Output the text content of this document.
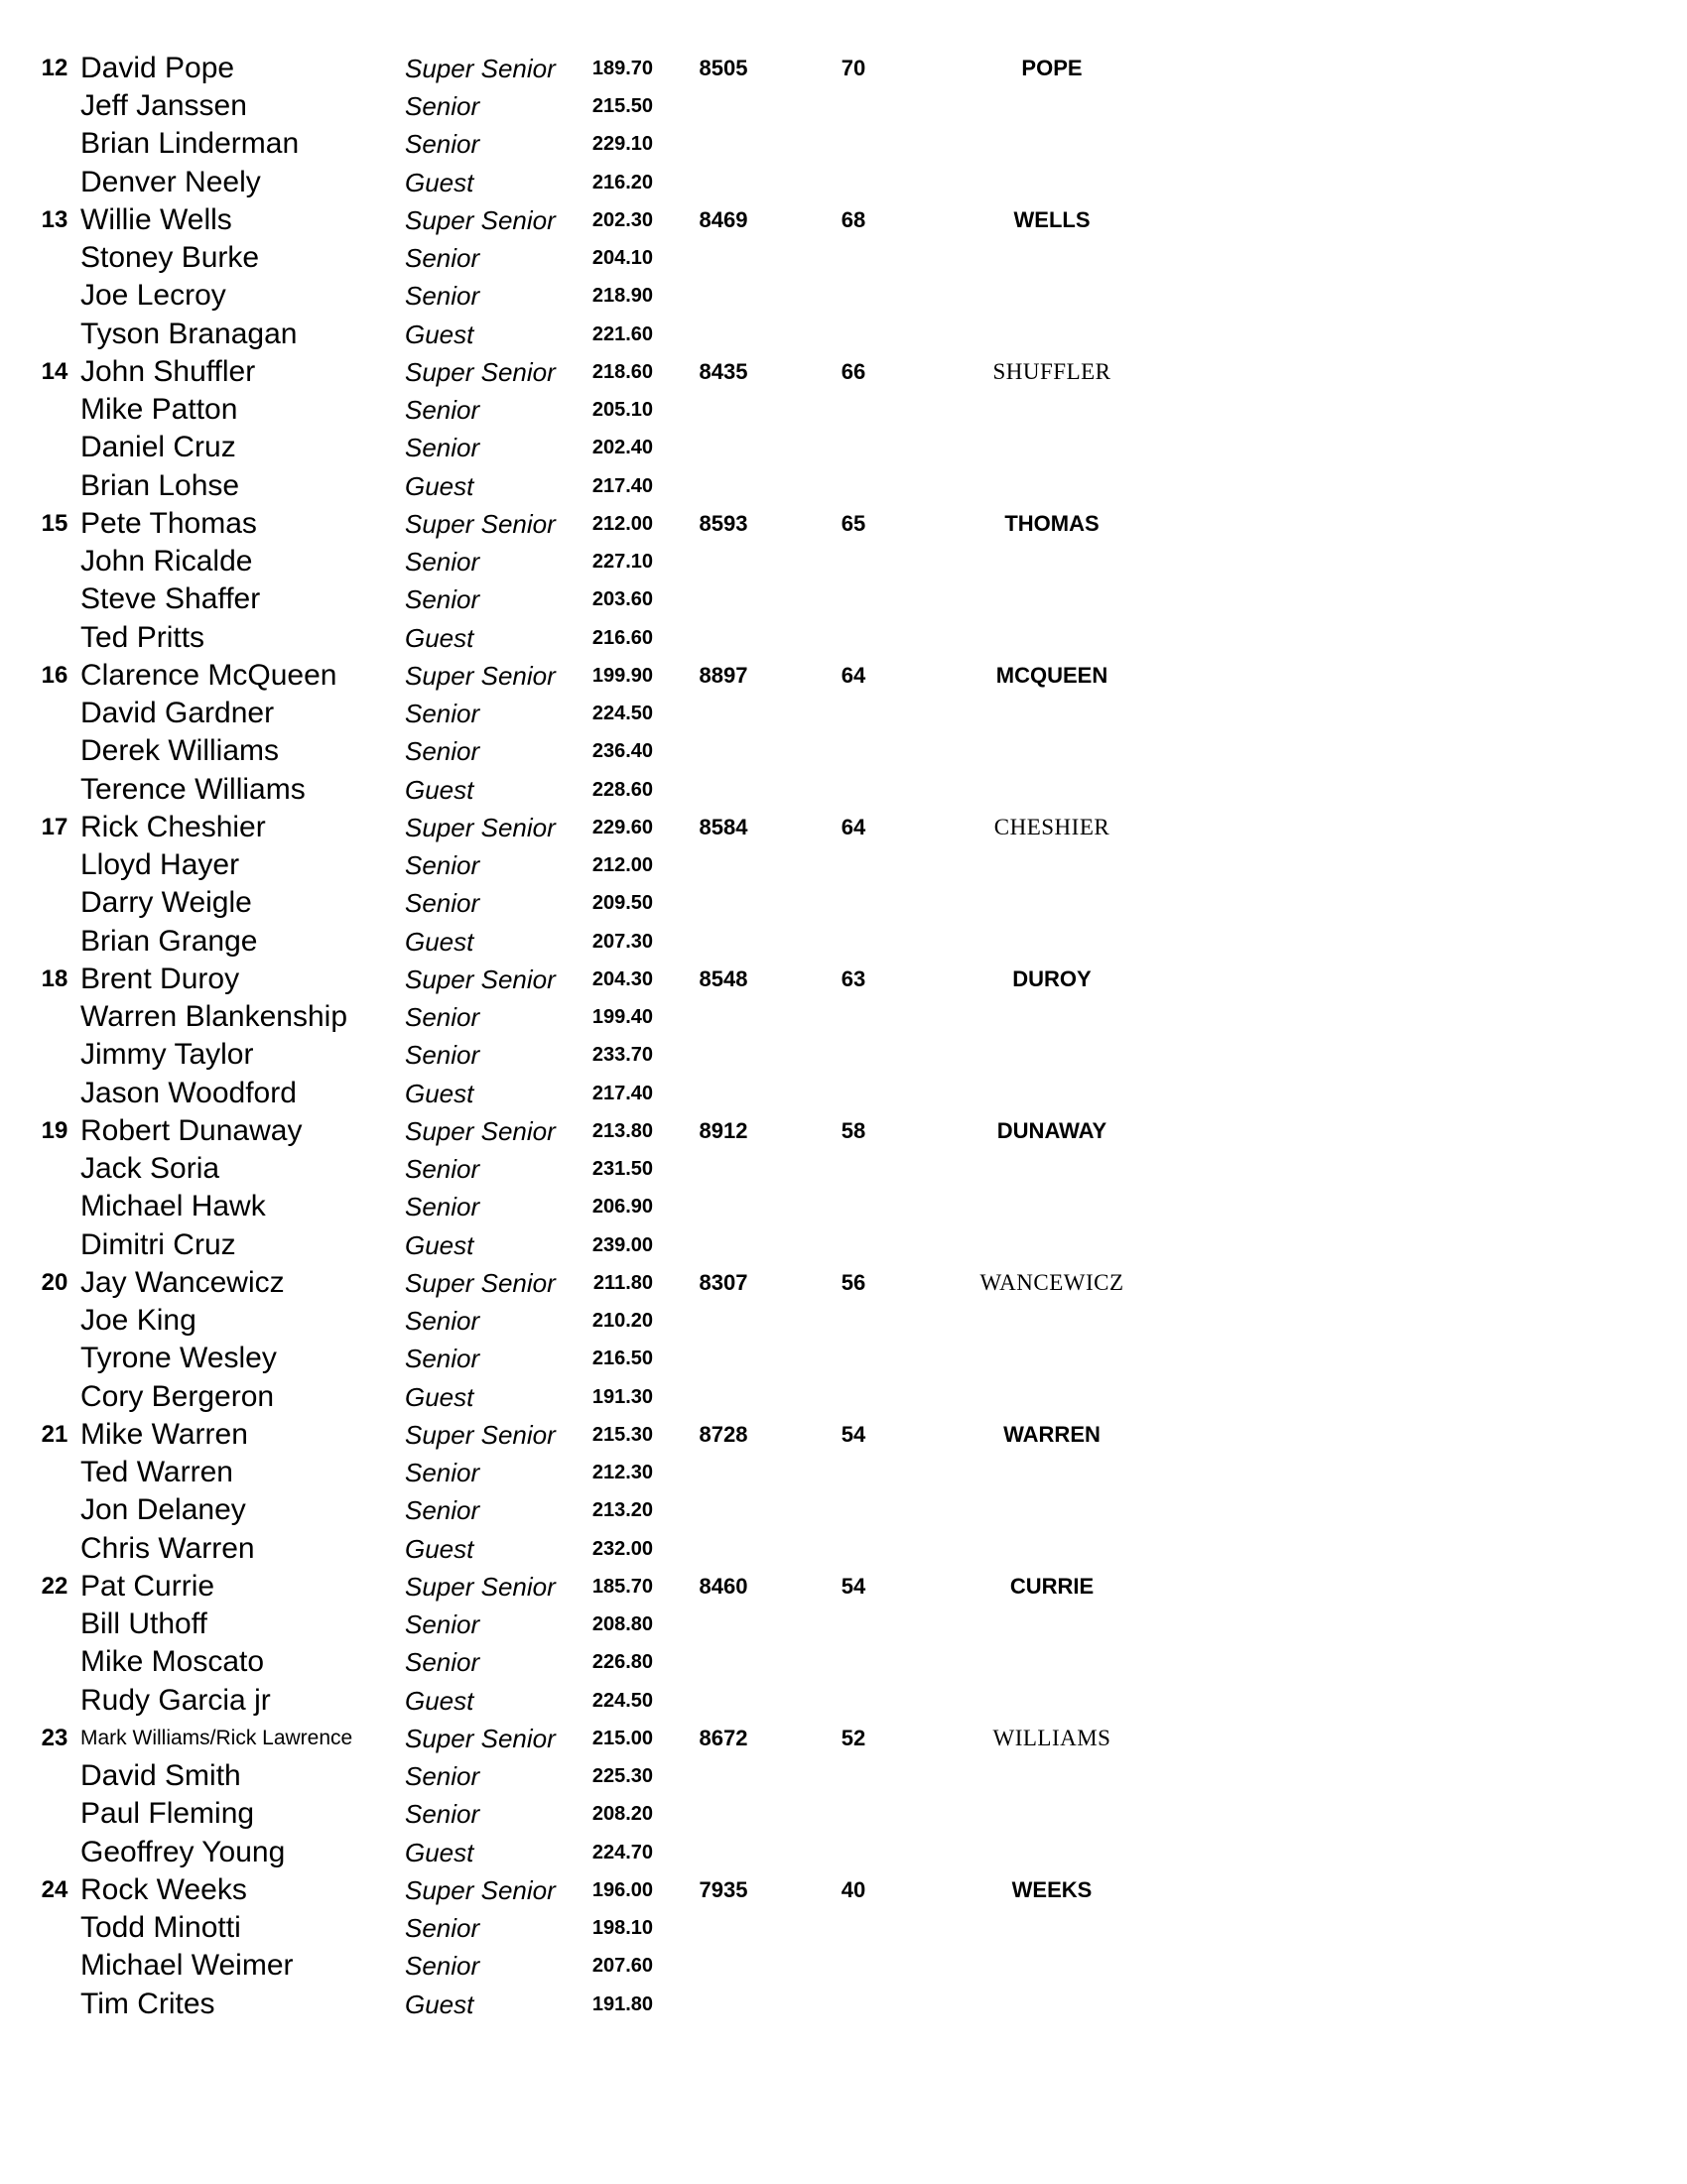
12 David Pope	Super Senior	189.70 8505	70	POPE
Jeff Janssen	Senior	215.50
Brian Linderman	Senior	229.10
Denver Neely	Guest	216.20
13 Willie Wells	Super Senior	202.30 8469	68	WELLS
Stoney Burke	Senior	204.10
Joe Lecroy	Senior	218.90
Tyson Branagan	Guest	221.60
14 John Shuffler	Super Senior	218.60 8435	66	SHUFFLER
Mike Patton	Senior	205.10
Daniel Cruz	Senior	202.40
Brian Lohse	Guest	217.40
15 Pete Thomas	Super Senior	212.00 8593	65	THOMAS
John Ricalde	Senior	227.10
Steve Shaffer	Senior	203.60
Ted Pritts	Guest	216.60
16 Clarence McQueen	Super Senior	199.90 8897	64	MCQUEEN
David Gardner	Senior	224.50
Derek Williams	Senior	236.40
Terence Williams	Guest	228.60
17 Rick Cheshier	Super Senior	229.60 8584	64	CHESHIER
Lloyd Hayer	Senior	212.00
Darry Weigle	Senior	209.50
Brian Grange	Guest	207.30
18 Brent Duroy	Super Senior	204.30 8548	63	DUROY
Warren Blankenship Senior	199.40
Jimmy Taylor	Senior	233.70
Jason Woodford	Guest	217.40
19 Robert Dunaway	Super Senior	213.80 8912	58	DUNAWAY
Jack Soria	Senior	231.50
Michael Hawk	Senior	206.90
Dimitri Cruz	Guest	239.00
20 Jay Wancewicz	Super Senior	211.80 8307	56	WANCEWICZ
Joe King	Senior	210.20
Tyrone Wesley	Senior	216.50
Cory Bergeron	Guest	191.30
21 Mike Warren	Super Senior	215.30 8728	54	WARREN
Ted Warren	Senior	212.30
Jon Delaney	Senior	213.20
Chris Warren	Guest	232.00
22 Pat Currie	Super Senior	185.70 8460	54	CURRIE
Bill Uthoff	Senior	208.80
Mike Moscato	Senior	226.80
Rudy Garcia jr	Guest	224.50
23 Mark Williams/Rick Lawrence Super Senior	215.00 8672	52	WILLIAMS
David Smith	Senior	225.30
Paul Fleming	Senior	208.20
Geoffrey Young	Guest	224.70
24 Rock Weeks	Super Senior	196.00 7935	40	WEEKS
Todd Minotti	Senior	198.10
Michael Weimer	Senior	207.60
Tim Crites	Guest	191.80
